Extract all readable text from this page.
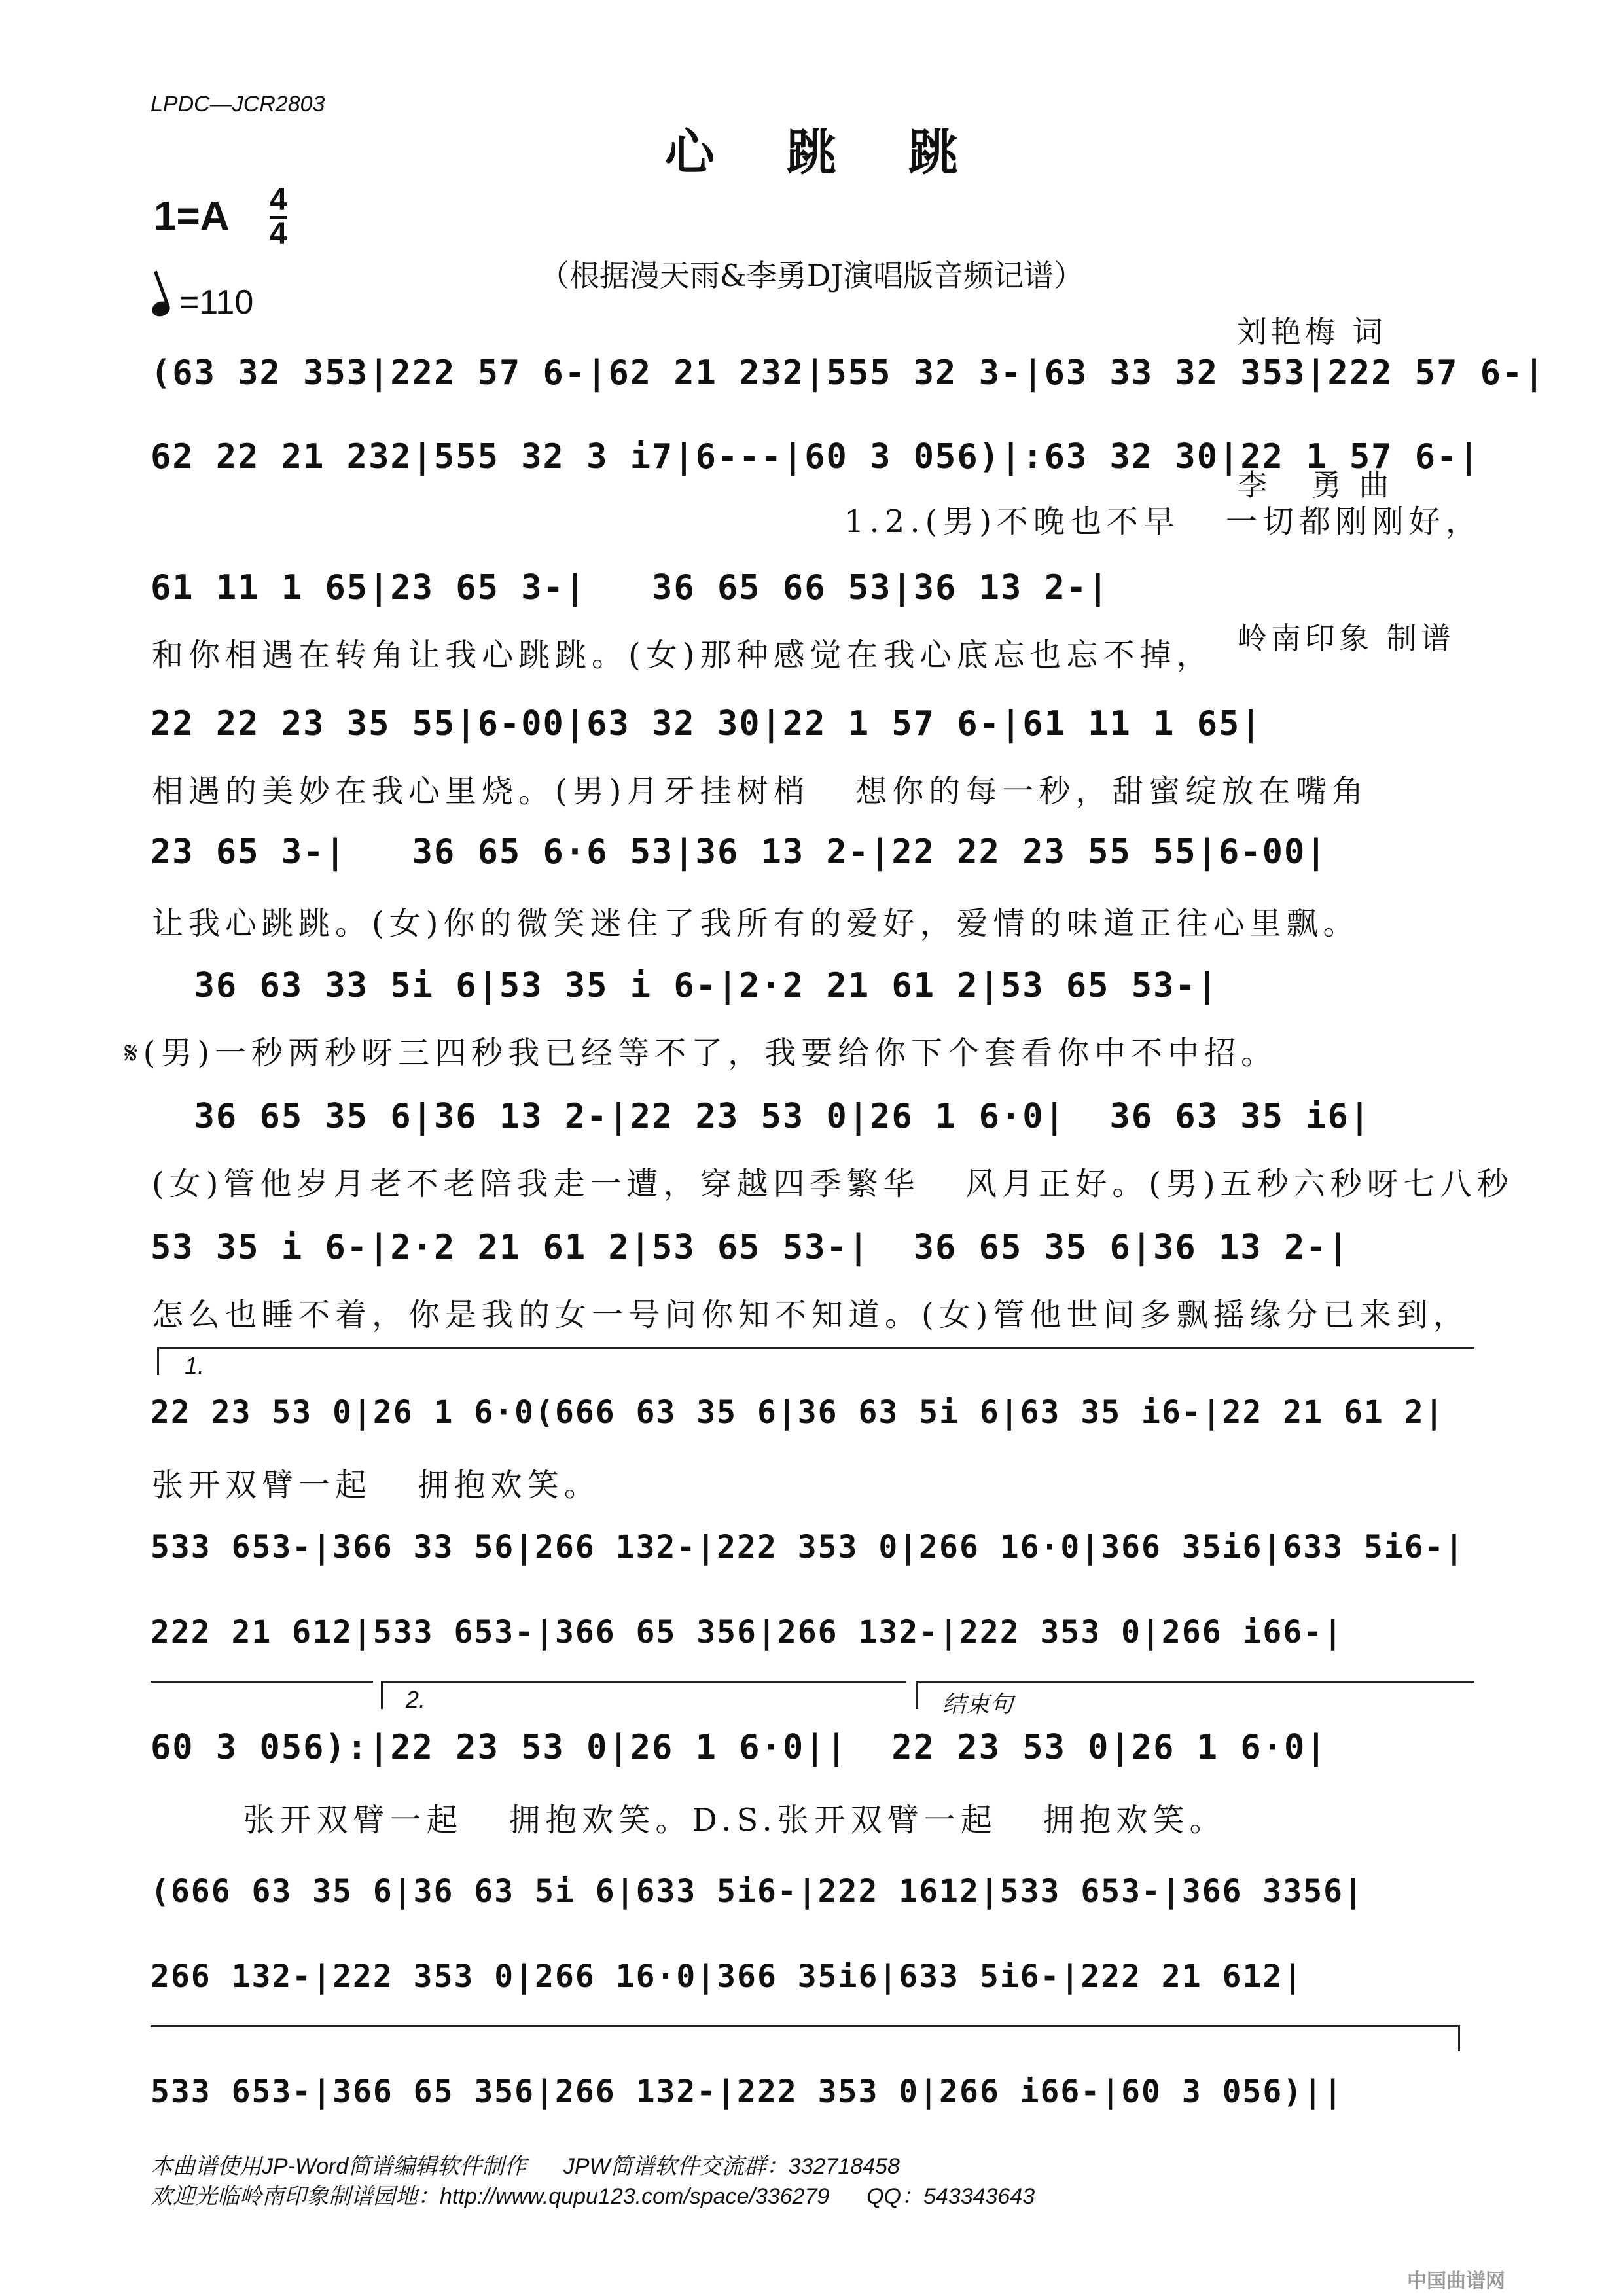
LPDC—JCR2803
心跳跳
1=A 4
4
=110
（根据漫天雨&李勇DJ演唱版音频记谱）

刘艳梅 词

李   勇 曲

岭南印象 制谱

(63 32 353|222 57 6-|62 21 232|555 32 3-|63 33 32 353|222 57 6-|
62 22 21 232|555 32 3 i7|6---|60 3 056)|:63 32 30|22 1 57 6-|
1.2.(男)不晚也不早   一切都刚刚好，
61 11 1 65|23 65 3-|   36 65 66 53|36 13 2-|
和你相遇在转角让我心跳跳。(女)那种感觉在我心底忘也忘不掉，
22 22 23 35 55|6-00|63 32 30|22 1 57 6-|61 11 1 65|
相遇的美妙在我心里烧。(男)月牙挂树梢   想你的每一秒，甜蜜绽放在嘴角
23 65 3-|   36 65 6·6 53|36 13 2-|22 22 23 55 55|6-00|
让我心跳跳。(女)你的微笑迷住了我所有的爱好，爱情的味道正往心里飘。
36 63 33 5i 6|53 35 i 6-|2·2 21 61 2|53 65 53-|
𝄋(男)一秒两秒呀三四秒我已经等不了，我要给你下个套看你中不中招。
36 65 35 6|36 13 2-|22 23 53 0|26 1 6·0|  36 63 35 i6|
(女)管他岁月老不老陪我走一遭，穿越四季繁华   风月正好。(男)五秒六秒呀七八秒
53 35 i 6-|2·2 21 61 2|53 65 53-|  36 65 35 6|36 13 2-|
怎么也睡不着，你是我的女一号问你知不知道。(女)管他世间多飘摇缘分已来到，
1.
22 23 53 0|26 1 6·0(666 63 35 6|36 63 5i 6|63 35 i6-|22 21 61 2|
张开双臂一起   拥抱欢笑。
533 653-|366 33 56|266 132-|222 353 0|266 16·0|366 35i6|633 5i6-|
222 21 612|533 653-|366 65 356|266 132-|222 353 0|266 i66-|
2.	结束句
60 3 056):|22 23 53 0|26 1 6·0||  22 23 53 0|26 1 6·0|
张开双臂一起   拥抱欢笑。D.S.张开双臂一起   拥抱欢笑。
(666 63 35 6|36 63 5i 6|633 5i6-|222 1612|533 653-|366 3356|
266 132-|222 353 0|266 16·0|366 35i6|633 5i6-|222 21 612|
533 653-|366 65 356|266 132-|222 353 0|266 i66-|60 3 056)||
本曲谱使用JP-Word简谱编辑软件制作      JPW简谱软件交流群：332718458
欢迎光临岭南印象制谱园地：http://www.qupu123.com/space/336279      QQ：543343643
中国曲谱网
